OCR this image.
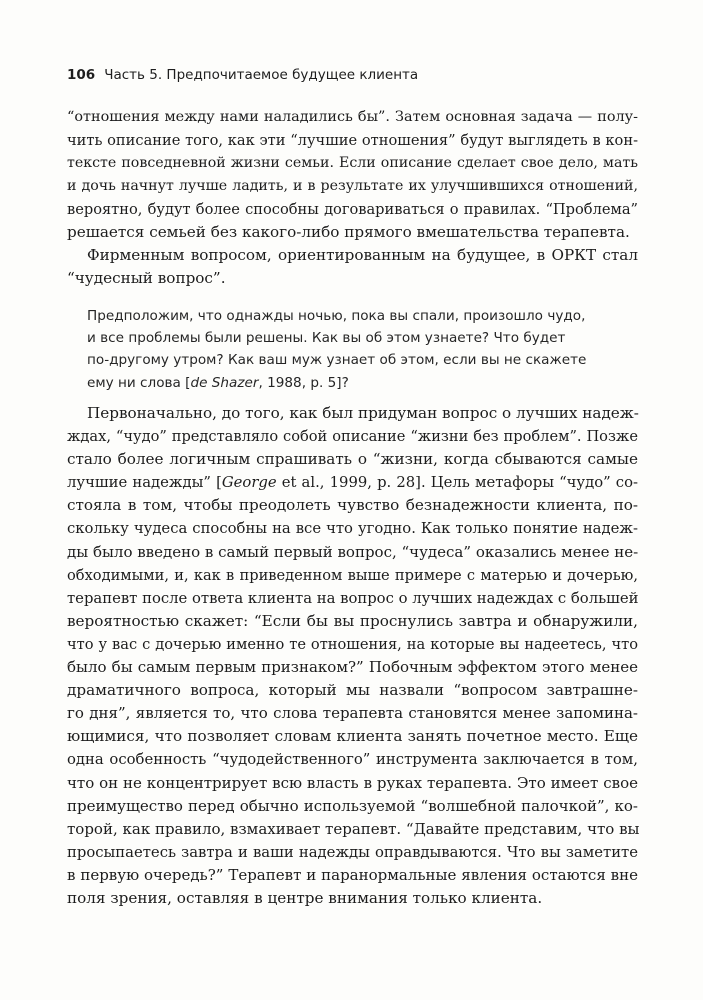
106 Часть 5. Предпочитаемое будущее клиента
“отношения между нами наладились бы”. Затем основная задача — полу-
чить описание того, как эти “лучшие отношения” будут выглядеть в кон-
тексте повседневной жизни семьи. Если описание сделает свое дело, мать
и дочь начнут лучше ладить, и в результате их улучшившихся отношений,
вероятно, будут более способны договариваться о правилах. “Проблема”
решается семьей без какого-либо прямого вмешательства терапевта.
Фирменным вопросом, ориентированным на будущее, в ОРКТ стал
“чудесный вопрос”.
Предположим, что однажды ночью, пока вы спали, произошло чудо,
и все проблемы были решены. Как вы об этом узнаете? Что будет
по-другому утром? Как ваш муж узнает об этом, если вы не скажете
ему ни слова [de Shazer, 1988, p. 5]?
Первоначально, до того, как был придуман вопрос о лучших надеж-
ждах, “чудо” представляло собой описание “жизни без проблем”. Позже
стало более логичным спрашивать о “жизни, когда сбываются самые
лучшие надежды” [George et al., 1999, p. 28]. Цель метафоры “чудо” со-
стояла в том, чтобы преодолеть чувство безнадежности клиента, по-
скольку чудеса способны на все что угодно. Как только понятие надеж-
ды было введено в самый первый вопрос, “чудеса” оказались менее не-
обходимыми, и, как в приведенном выше примере с матерью и дочерью,
терапевт после ответа клиента на вопрос о лучших надеждах с большей
вероятностью скажет: “Если бы вы проснулись завтра и обнаружили,
что у вас с дочерью именно те отношения, на которые вы надеетесь, что
было бы самым первым признаком?” Побочным эффектом этого менее
драматичного вопроса, который мы назвали “вопросом завтрашне-
го дня”, является то, что слова терапевта становятся менее запомина-
ющимися, что позволяет словам клиента занять почетное место. Еще
одна особенность “чудодейственного” инструмента заключается в том,
что он не концентрирует всю власть в руках терапевта. Это имеет свое
преимущество перед обычно используемой “волшебной палочкой”, ко-
торой, как правило, взмахивает терапевт. “Давайте представим, что вы
просыпаетесь завтра и ваши надежды оправдываются. Что вы заметите
в первую очередь?” Терапевт и паранормальные явления остаются вне
поля зрения, оставляя в центре внимания только клиента.
